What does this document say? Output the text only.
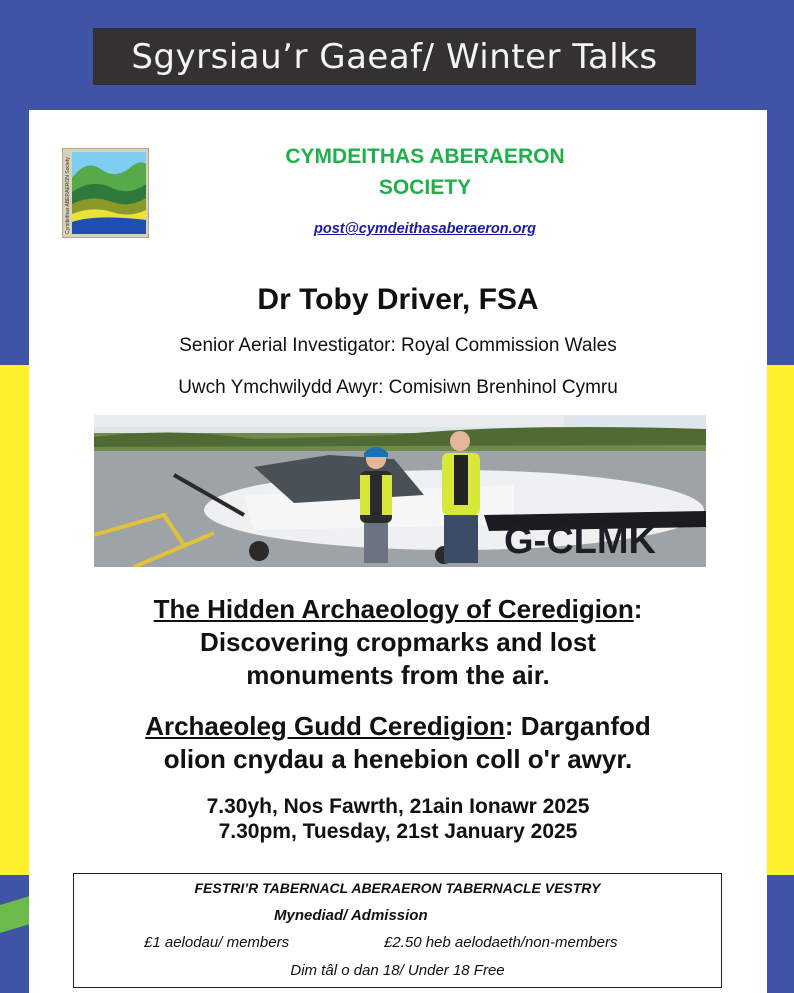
Sgyrsiau’r Gaeaf/ Winter Talks
Cymdeithas ABERAERON Society
CYMDEITHAS ABERAERON
SOCIETY
post@cymdeithasaberaeron.org
Dr Toby Driver, FSA
Senior Aerial Investigator: Royal Commission Wales
Uwch Ymchwilydd Awyr: Comisiwn Brenhinol Cymru
G-CLMK
The Hidden Archaeology of Ceredigion:
Discovering cropmarks and lost
monuments from the air.
Archaeoleg Gudd Ceredigion: Darganfod
olion cnydau a henebion coll o'r awyr.
7.30yh, Nos Fawrth, 21ain Ionawr 2025
7.30pm, Tuesday, 21st January 2025
FESTRI’R TABERNACL ABERAERON TABERNACLE VESTRY
Mynediad/ Admission
£1 aelodau/ members	£2.50 heb aelodaeth/non-members
Dim tâl o dan 18/ Under 18 Free
